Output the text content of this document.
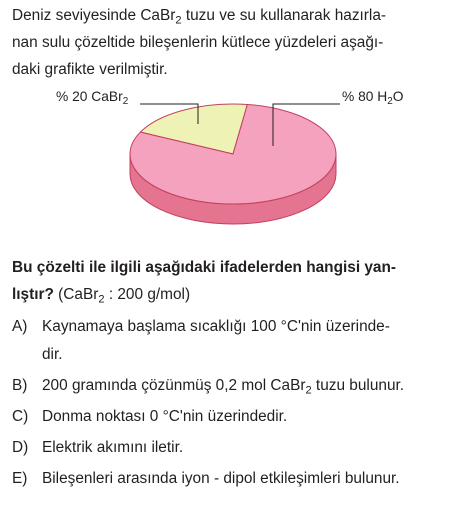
Deniz seviyesinde CaBr$_2$ tuzu ve su kullanarak hazırla-
nan sulu çözeltide bileşenlerin kütlece yüzdeleri aşağı-
daki grafikte verilmiştir.
% 20 CaBr$_2$	% 80 $H_2O$
Bu çözelti ile ilgili aşağıdaki ifadelerden hangisi yan-
lıştır? (CaBr$_2$ : 200 g/mol)
A) Kaynamaya başlama sıcaklığı 100 °C'nin üzerinde-
dir.
B) 200 gramında çözünmüş 0,2 mol CaBr$_2$ tuzu bulunur.
C) Donma noktası 0 °C'nin üzerindedir.
D) Elektrik akımını iletir.
E) Bileşenleri arasında iyon - dipol etkileşimleri bulunur.
